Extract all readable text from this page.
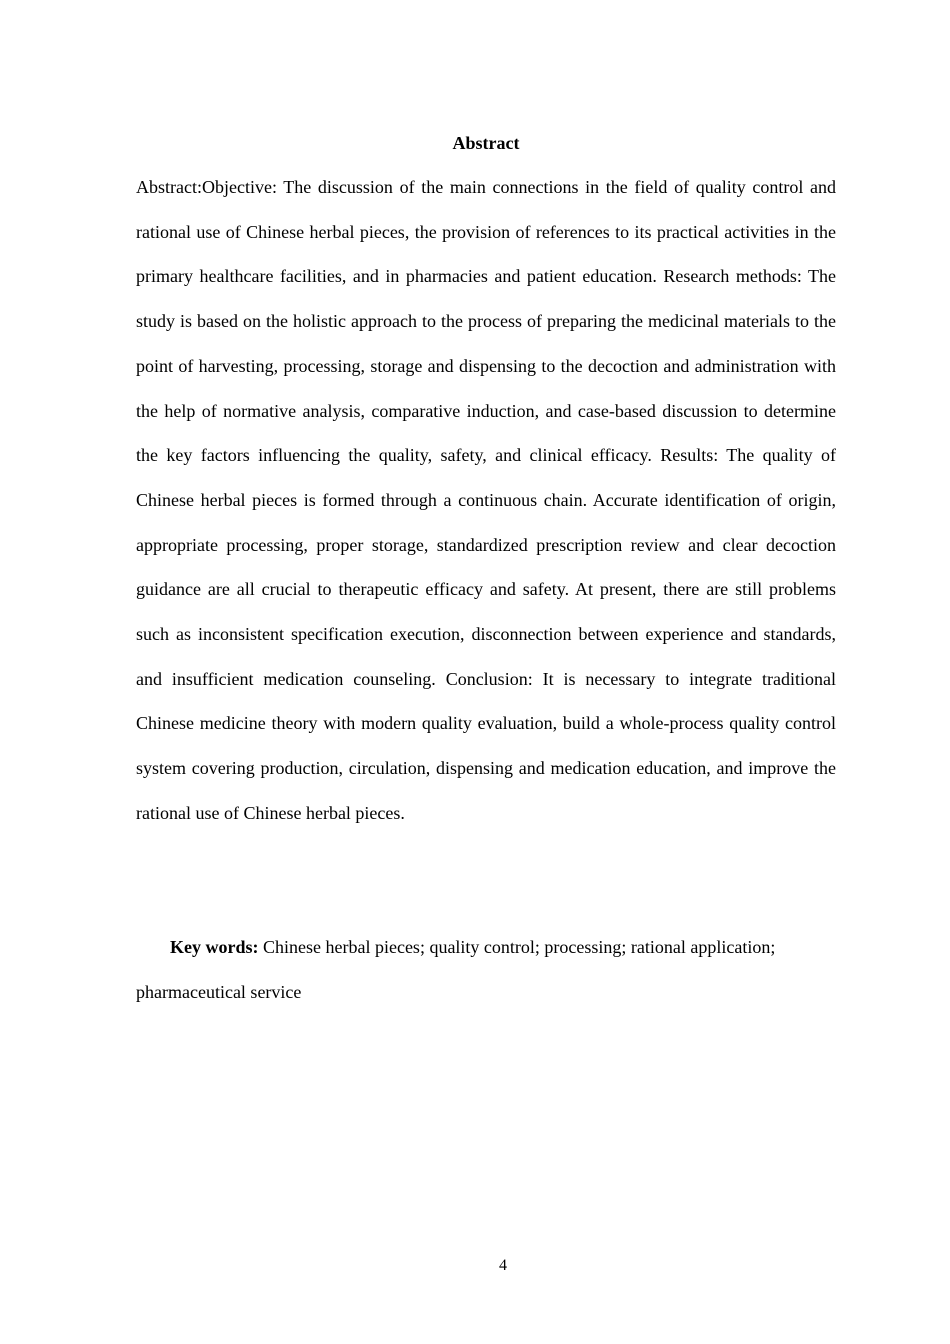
Abstract

Abstract:Objective: The discussion of the main connections in the field of quality control and rational use of Chinese herbal pieces, the provision of references to its practical activities in the primary healthcare facilities, and in pharmacies and patient education. Research methods: The study is based on the holistic approach to the process of preparing the medicinal materials to the point of harvesting, processing, storage and dispensing to the decoction and administration with the help of normative analysis, comparative induction, and case-based discussion to determine the key factors influencing the quality, safety, and clinical efficacy. Results: The quality of Chinese herbal pieces is formed through a continuous chain. Accurate identification of origin, appropriate processing, proper storage, standardized prescription review and clear decoction guidance are all crucial to therapeutic efficacy and safety. At present, there are still problems such as inconsistent specification execution, disconnection between experience and standards, and insufficient medication counseling. Conclusion: It is necessary to integrate traditional Chinese medicine theory with modern quality evaluation, build a whole-process quality control system covering production, circulation, dispensing and medication education, and improve the rational use of Chinese herbal pieces.

Key words: Chinese herbal pieces; quality control; processing; rational application; pharmaceutical service

4
